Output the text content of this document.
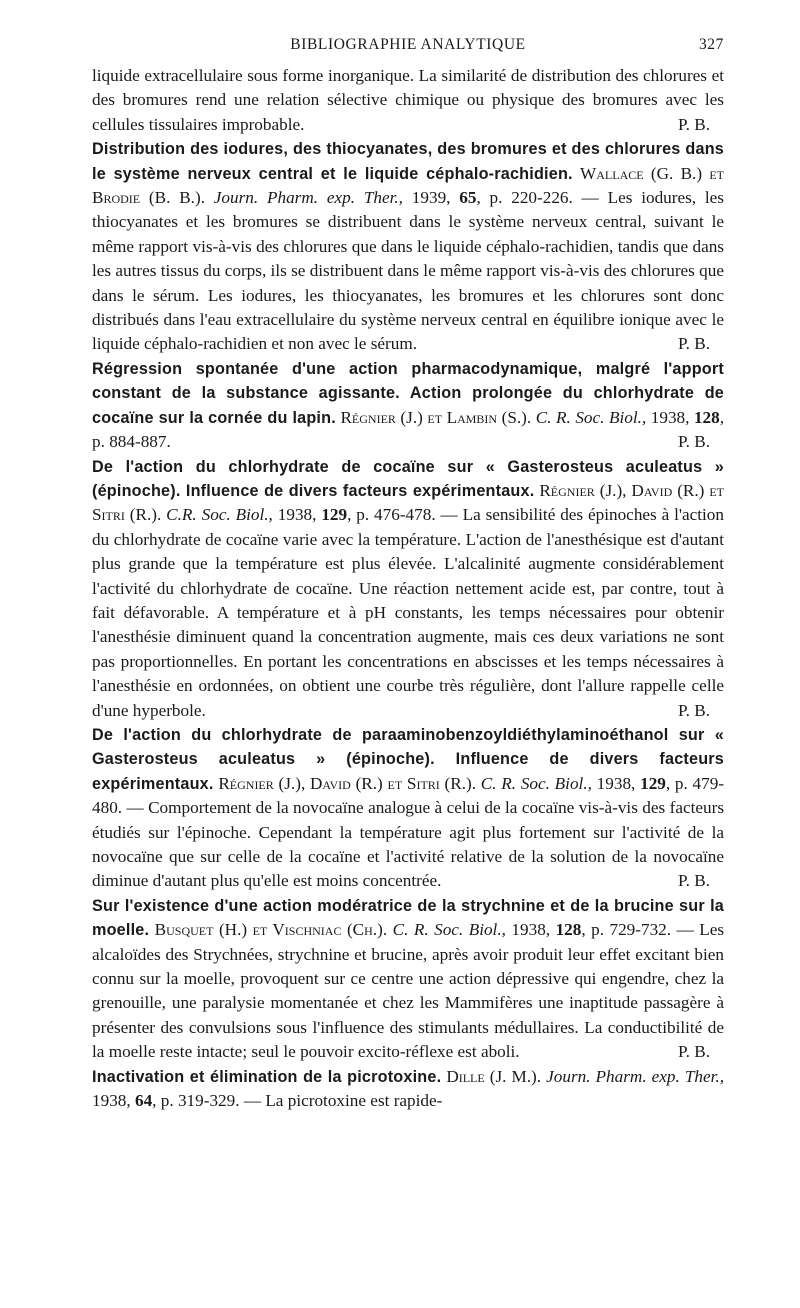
BIBLIOGRAPHIE ANALYTIQUE	327

liquide extracellulaire sous forme inorganique. La similarité de distribution des chlorures et des bromures rend une relation sélective chimique ou physique des bromures avec les cellules tissulaires improbable.	P. B.

Distribution des iodures, des thiocyanates, des bromures et des chlorures dans le système nerveux central et le liquide céphalo-rachidien. Wallace (G. B.) et Brodie (B. B.). Journ. Pharm. exp. Ther., 1939, 65, p. 220-226. — Les iodures, les thiocyanates et les bromures se distribuent dans le système nerveux central, suivant le même rapport vis-à-vis des chlorures que dans le liquide céphalo-rachidien, tandis que dans les autres tissus du corps, ils se distribuent dans le même rapport vis-à-vis des chlorures que dans le sérum. Les iodures, les thiocyanates, les bromures et les chlorures sont donc distribués dans l'eau extracellulaire du système nerveux central en équilibre ionique avec le liquide céphalo-rachidien et non avec le sérum.	P. B.

Régression spontanée d'une action pharmacodynamique, malgré l'apport constant de la substance agissante. Action prolongée du chlorhydrate de cocaïne sur la cornée du lapin. Régnier (J.) et Lambin (S.). C. R. Soc. Biol., 1938, 128, p. 884-887.	P. B.

De l'action du chlorhydrate de cocaïne sur « Gasterosteus aculeatus » (épinoche). Influence de divers facteurs expérimentaux. Régnier (J.), David (R.) et Sitri (R.). C.R. Soc. Biol., 1938, 129, p. 476-478. — La sensibilité des épinoches à l'action du chlorhydrate de cocaïne varie avec la température. L'action de l'anesthésique est d'autant plus grande que la température est plus élevée. L'alcalinité augmente considérablement l'activité du chlorhydrate de cocaïne. Une réaction nettement acide est, par contre, tout à fait défavorable. A température et à pH constants, les temps nécessaires pour obtenir l'anesthésie diminuent quand la concentration augmente, mais ces deux variations ne sont pas proportionnelles. En portant les concentrations en abscisses et les temps nécessaires à l'anesthésie en ordonnées, on obtient une courbe très régulière, dont l'allure rappelle celle d'une hyperbole.	P. B.

De l'action du chlorhydrate de paraaminobenzoyldiéthylaminoéthanol sur « Gasterosteus aculeatus » (épinoche). Influence de divers facteurs expérimentaux. Régnier (J.), David (R.) et Sitri (R.). C. R. Soc. Biol., 1938, 129, p. 479-480. — Comportement de la novocaïne analogue à celui de la cocaïne vis-à-vis des facteurs étudiés sur l'épinoche. Cependant la température agit plus fortement sur l'activité de la novocaïne que sur celle de la cocaïne et l'activité relative de la solution de la novocaïne diminue d'autant plus qu'elle est moins concentrée.	P. B.

Sur l'existence d'une action modératrice de la strychnine et de la brucine sur la moelle. Busquet (H.) et Vischniac (Ch.). C. R. Soc. Biol., 1938, 128, p. 729-732. — Les alcaloïdes des Strychnées, strychnine et brucine, après avoir produit leur effet excitant bien connu sur la moelle, provoquent sur ce centre une action dépressive qui engendre, chez la grenouille, une paralysie momentanée et chez les Mammifères une inaptitude passagère à présenter des convulsions sous l'influence des stimulants médullaires. La conductibilité de la moelle reste intacte; seul le pouvoir excito-réflexe est aboli.	P. B.

Inactivation et élimination de la picrotoxine. Dille (J. M.). Journ. Pharm. exp. Ther., 1938, 64, p. 319-329. — La picrotoxine est rapide-
